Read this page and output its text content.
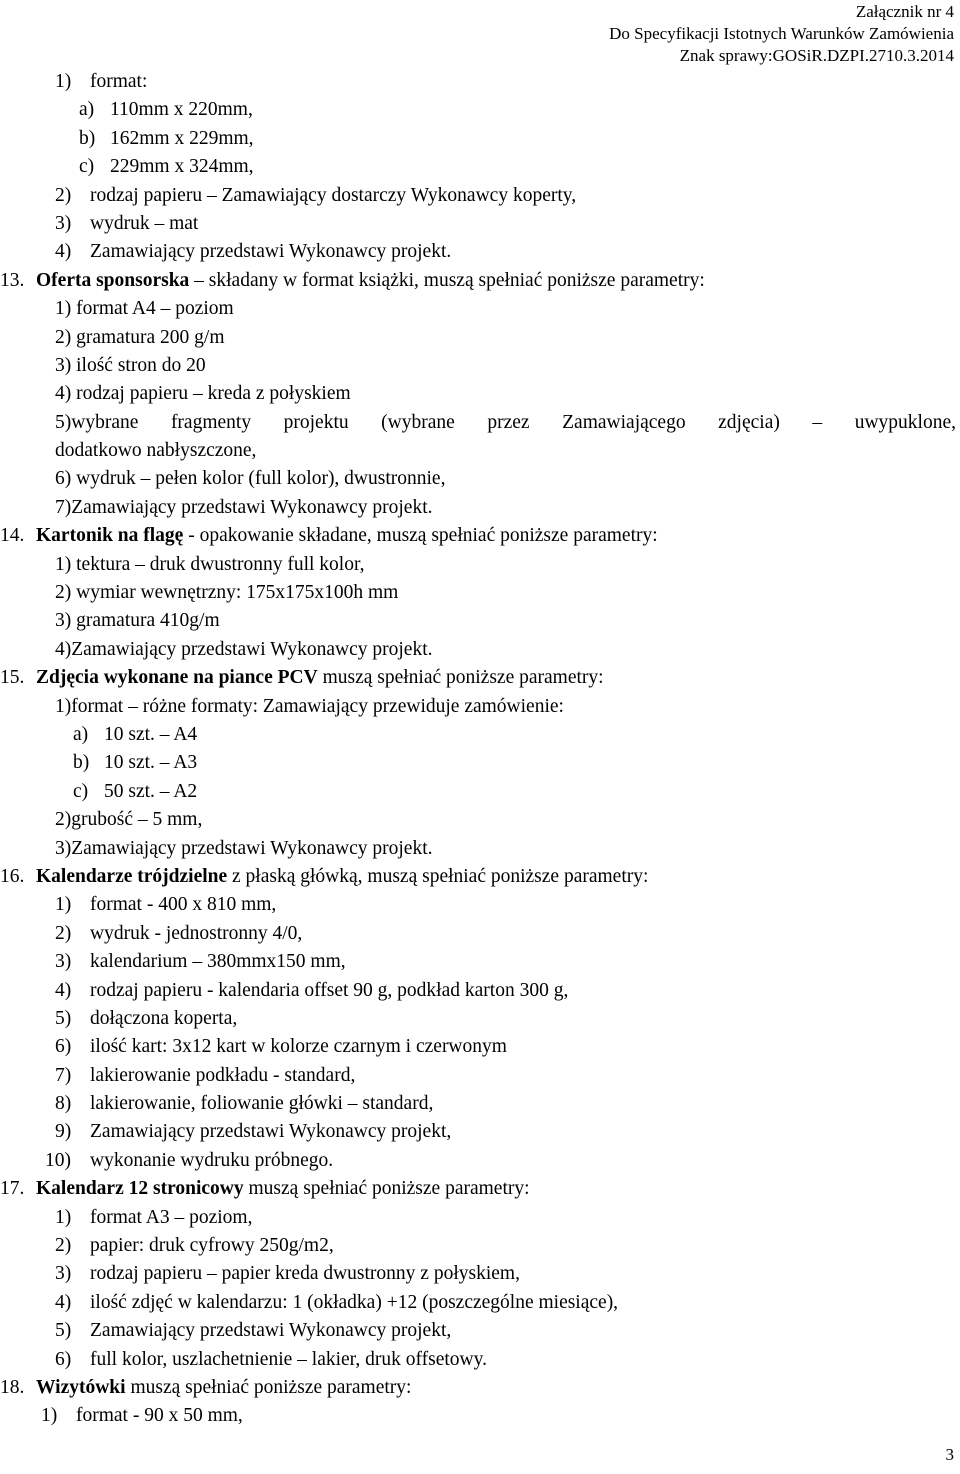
Załącznik nr 4
Do Specyfikacji Istotnych Warunków Zamówienia
Znak sprawy:GOSiR.DZPI.2710.3.2014
1) format:
a) 110mm x 220mm,
b) 162mm x 229mm,
c) 229mm x 324mm,
2) rodzaj papieru – Zamawiający dostarczy Wykonawcy koperty,
3) wydruk – mat
4) Zamawiający przedstawi Wykonawcy projekt.
13. Oferta sponsorska – składany w format książki, muszą spełniać poniższe parametry:
1) format A4 – poziom
2) gramatura 200 g/m
3) ilość stron do 20
4) rodzaj papieru – kreda z połyskiem
5)wybrane fragmenty projektu (wybrane przez Zamawiającego zdjęcia) – uwypuklone,
dodatkowo nabłyszczone,
6) wydruk – pełen kolor (full kolor), dwustronnie,
7)Zamawiający przedstawi Wykonawcy projekt.
14. Kartonik na flagę - opakowanie składane, muszą spełniać poniższe parametry:
1) tektura – druk dwustronny full kolor,
2) wymiar wewnętrzny: 175x175x100h mm
3) gramatura 410g/m
4)Zamawiający przedstawi Wykonawcy projekt.
15. Zdjęcia wykonane na piance PCV muszą spełniać poniższe parametry:
1)format – różne formaty: Zamawiający przewiduje zamówienie:
a) 10 szt. – A4
b) 10 szt. – A3
c) 50 szt. – A2
2)grubość – 5 mm,
3)Zamawiający przedstawi Wykonawcy projekt.
16. Kalendarze trójdzielne z płaską główką, muszą spełniać poniższe parametry:
1) format - 400 x 810 mm,
2) wydruk - jednostronny 4/0,
3) kalendarium – 380mmx150 mm,
4) rodzaj papieru - kalendaria offset 90 g, podkład karton 300 g,
5) dołączona koperta,
6) ilość kart: 3x12 kart w kolorze czarnym i czerwonym
7) lakierowanie podkładu - standard,
8) lakierowanie, foliowanie główki – standard,
9) Zamawiający przedstawi Wykonawcy projekt,
10) wykonanie wydruku próbnego.
17. Kalendarz 12 stronicowy muszą spełniać poniższe parametry:
1) format A3 – poziom,
2) papier: druk cyfrowy 250g/m2,
3) rodzaj papieru – papier kreda dwustronny z połyskiem,
4) ilość zdjęć w kalendarzu: 1 (okładka) +12 (poszczególne miesiące),
5) Zamawiający przedstawi Wykonawcy projekt,
6) full kolor, uszlachetnienie – lakier, druk offsetowy.
18. Wizytówki muszą spełniać poniższe parametry:
1) format - 90 x 50 mm,
3
